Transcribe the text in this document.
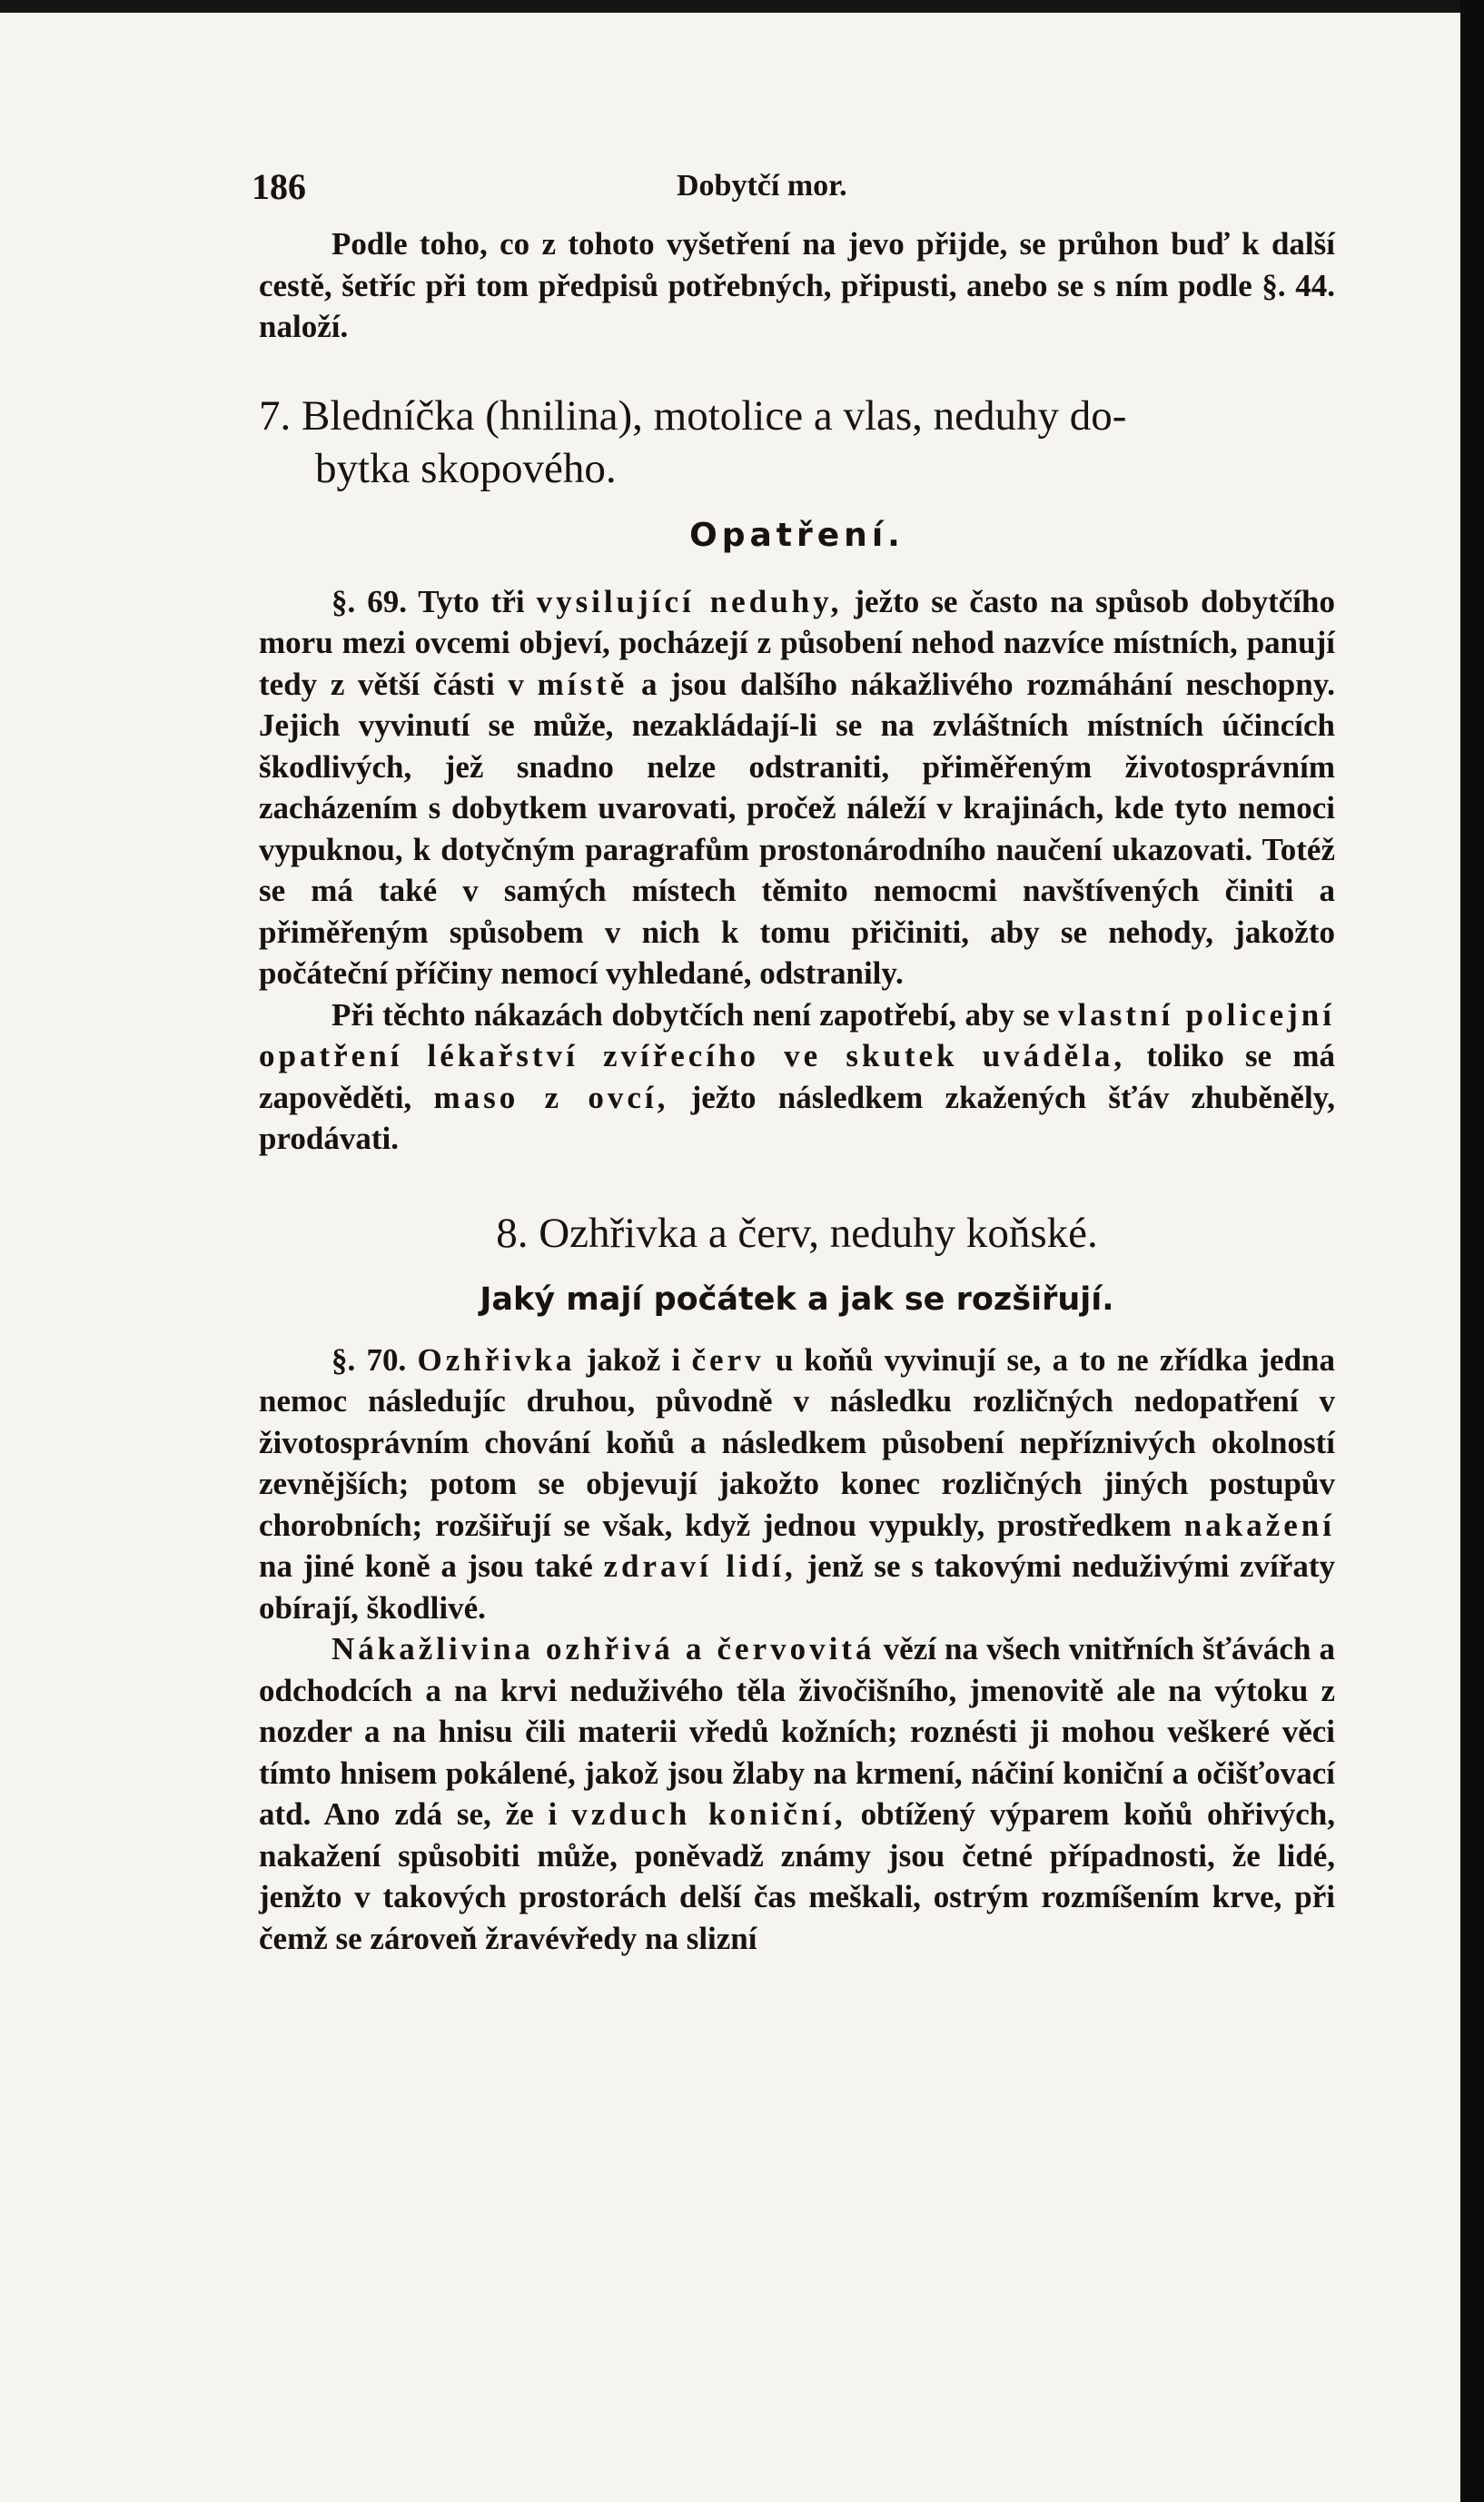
186	Dobytčí mor.

Podle toho, co z tohoto vyšetření na jevo přijde, se průhon buď k další cestě, šetříc při tom předpisů potřebných, připusti, anebo se s ním podle §. 44. naloží.

7. Bledníčka (hnilina), motolice a vlas, neduhy do-
bytka skopového.
Opatření.

§. 69. Tyto tři vysilující neduhy, ježto se často na spůsob dobytčího moru mezi ovcemi objeví, pocházejí z působení nehod nazvíce místních, panují tedy z větší části v místě a jsou dalšího nákažlivého rozmáhání neschopny. Jejich vyvinutí se může, nezakládají-li se na zvláštních místních účincích škodlivých, jež snadno nelze odstraniti, přiměřeným životosprávním zacházením s dobytkem uvarovati, pročež náleží v krajinách, kde tyto nemoci vypuknou, k dotyčným paragrafům prostonárodního naučení ukazovati. Totéž se má také v samých místech těmito nemocmi navštívených činiti a přiměřeným spůsobem v nich k tomu přičiniti, aby se nehody, jakožto počáteční příčiny nemocí vyhledané, odstranily.

Při těchto nákazách dobytčích není zapotřebí, aby se vlastní policejní opatření lékařství zvířecího ve skutek uváděla, toliko se má zapověděti, maso z ovcí, ježto následkem zkažených šťáv zhuběněly, prodávati.

8. Ozhřivka a červ, neduhy koňské.
Jaký mají počátek a jak se rozšiřují.

§. 70. Ozhřivka jakož i červ u koňů vyvinují se, a to ne zřídka jedna nemoc následujíc druhou, původně v následku rozličných nedopatření v životosprávním chování koňů a následkem působení nepříznivých okolností zevnějších; potom se objevují jakožto konec rozličných jiných postupův chorobních; rozšiřují se však, když jednou vypukly, prostředkem nakažení na jiné koně a jsou také zdraví lidí, jenž se s takovými neduživými zvířaty obírají, škodlivé.

Nákažlivina ozhřivá a červovitá vězí na všech vnitřních šťávách a odchodcích a na krvi neduživého těla živočišního, jmenovitě ale na výtoku z nozder a na hnisu čili materii vředů kožních; roznésti ji mohou veškeré věci tímto hnisem pokálené, jakož jsou žlaby na krmení, náčiní koniční a očišťovací atd. Ano zdá se, že i vzduch koniční, obtížený výparem koňů ohřivých, nakažení spůsobiti může, poněvadž známy jsou četné případnosti, že lidé, jenžto v takových prostorách delší čas meškali, ostrým rozmíšením krve, při čemž se zároveň žravévředy na slizní
